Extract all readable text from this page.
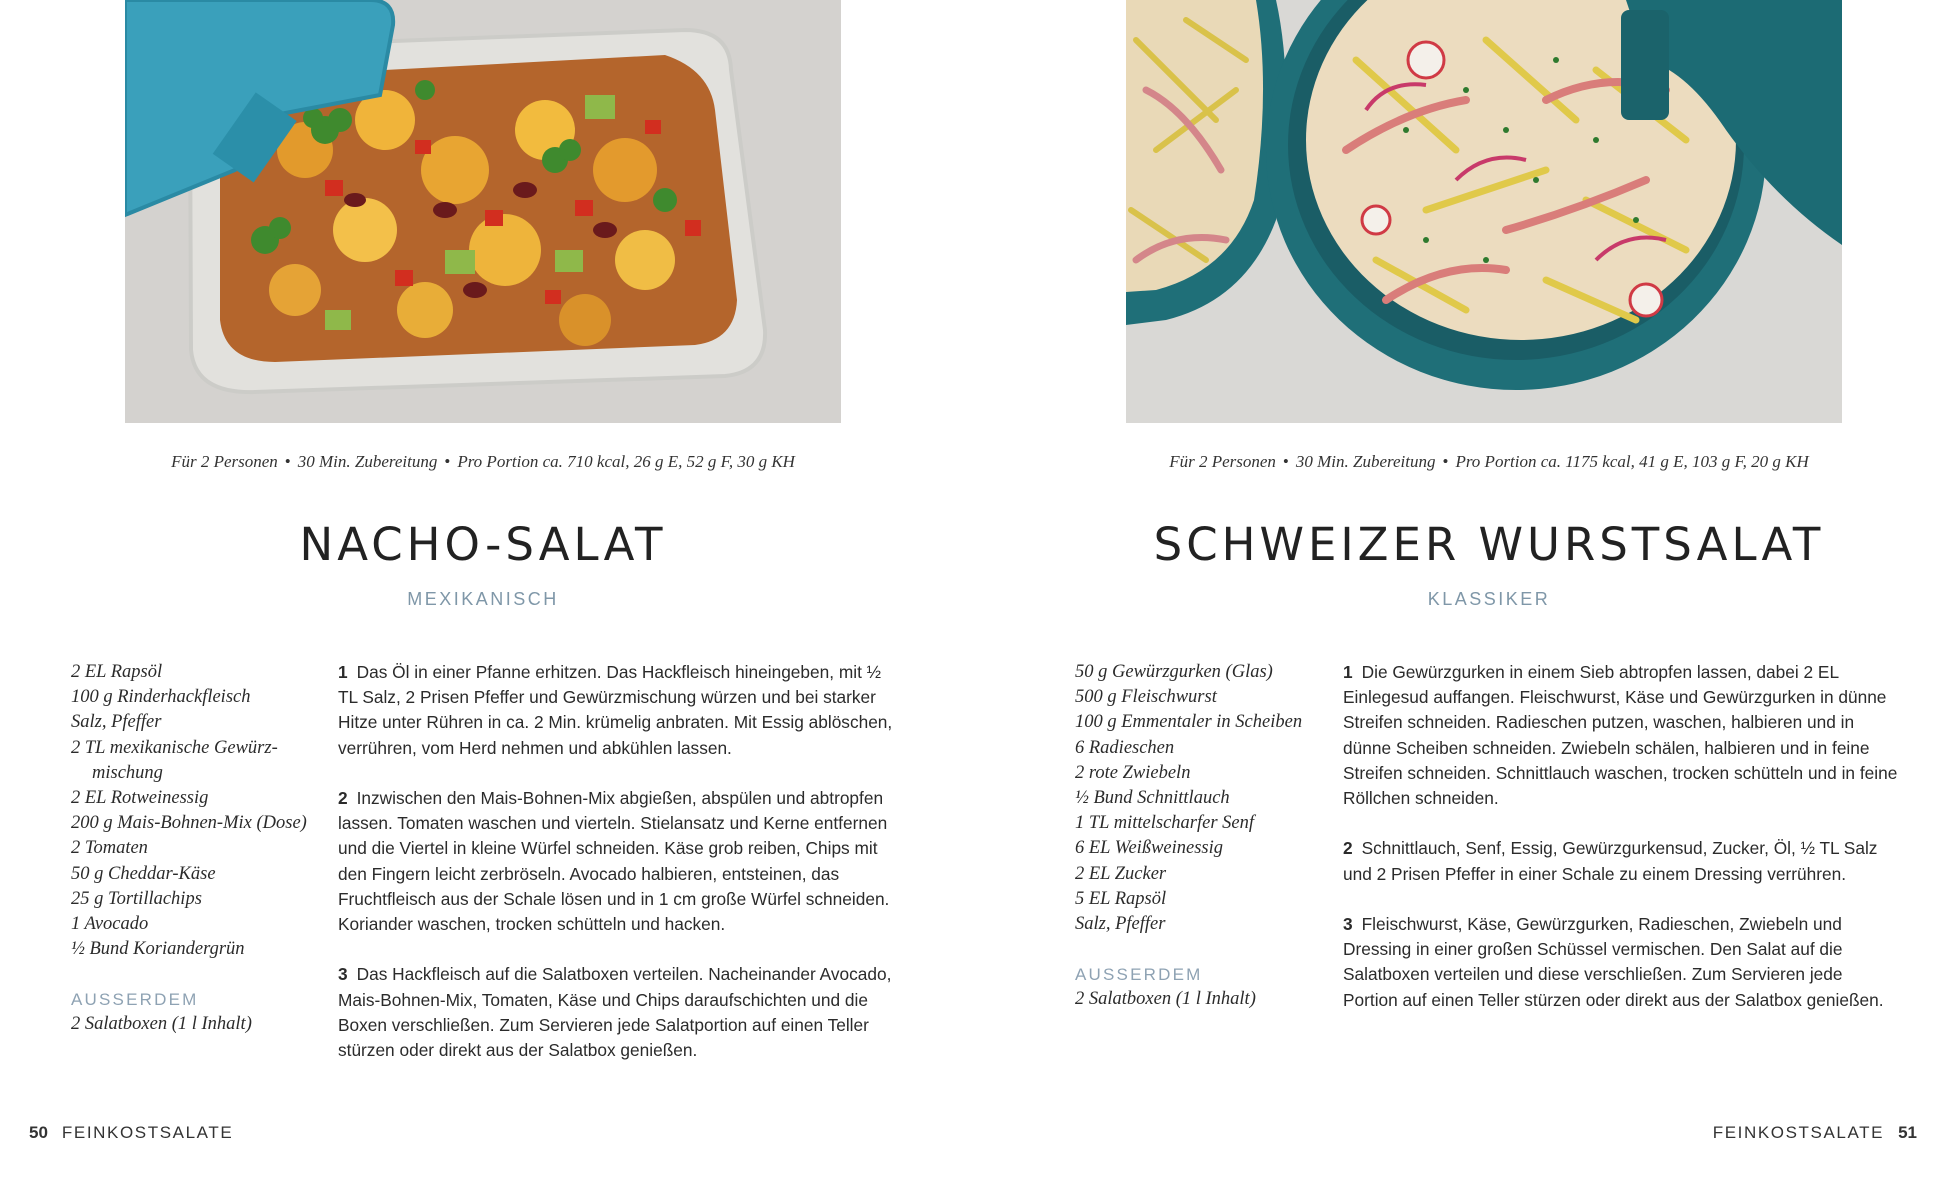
Für 2 Personen • 30 Min. Zubereitung • Pro Portion ca. 710 kcal, 26 g E, 52 g F, 30 g KH
NACHO-SALAT
MEXIKANISCH
2 EL Rapsöl
100 g Rinderhackfleisch
Salz, Pfeffer
2 TL mexikanische Gewürz-mischung
2 EL Rotweinessig
200 g Mais-Bohnen-Mix (Dose)
2 Tomaten
50 g Cheddar-Käse
25 g Tortillachips
1 Avocado
½ Bund Koriandergrün
AUSSERDEM
2 Salatboxen (1 l Inhalt)
1 Das Öl in einer Pfanne erhitzen. Das Hackfleisch hineingeben, mit ½ TL Salz, 2 Prisen Pfeffer und Gewürzmischung würzen und bei starker Hitze unter Rühren in ca. 2 Min. krümelig anbraten. Mit Essig ablöschen, verrühren, vom Herd nehmen und abkühlen lassen.
2 Inzwischen den Mais-Bohnen-Mix abgießen, abspülen und abtropfen lassen. Tomaten waschen und vierteln. Stielansatz und Kerne entfernen und die Viertel in kleine Würfel schneiden. Käse grob reiben, Chips mit den Fingern leicht zerbröseln. Avocado halbieren, entsteinen, das Fruchtfleisch aus der Schale lösen und in 1 cm große Würfel schneiden. Koriander waschen, trocken schütteln und hacken.
3 Das Hackfleisch auf die Salatboxen verteilen. Nacheinander Avocado, Mais-Bohnen-Mix, Tomaten, Käse und Chips daraufschichten und die Boxen verschließen. Zum Servieren jede Salatportion auf einen Teller stürzen oder direkt aus der Salatbox genießen.
50 FEINKOSTSALATE
Für 2 Personen • 30 Min. Zubereitung • Pro Portion ca. 1175 kcal, 41 g E, 103 g F, 20 g KH
SCHWEIZER WURSTSALAT
KLASSIKER
50 g Gewürzgurken (Glas)
500 g Fleischwurst
100 g Emmentaler in Scheiben
6 Radieschen
2 rote Zwiebeln
½ Bund Schnittlauch
1 TL mittelscharfer Senf
6 EL Weißweinessig
2 EL Zucker
5 EL Rapsöl
Salz, Pfeffer
AUSSERDEM
2 Salatboxen (1 l Inhalt)
1 Die Gewürzgurken in einem Sieb abtropfen lassen, dabei 2 EL Einlegesud auffangen. Fleischwurst, Käse und Gewürzgurken in dünne Streifen schneiden. Radieschen putzen, waschen, halbieren und in dünne Scheiben schneiden. Zwiebeln schälen, halbieren und in feine Streifen schneiden. Schnittlauch waschen, trocken schütteln und in feine Röllchen schneiden.
2 Schnittlauch, Senf, Essig, Gewürzgurkensud, Zucker, Öl, ½ TL Salz und 2 Prisen Pfeffer in einer Schale zu einem Dressing verrühren.
3 Fleischwurst, Käse, Gewürzgurken, Radieschen, Zwiebeln und Dressing in einer großen Schüssel vermischen. Den Salat auf die Salatboxen verteilen und diese verschließen. Zum Servieren jede Portion auf einen Teller stürzen oder direkt aus der Salatbox genießen.
FEINKOSTSALATE 51
